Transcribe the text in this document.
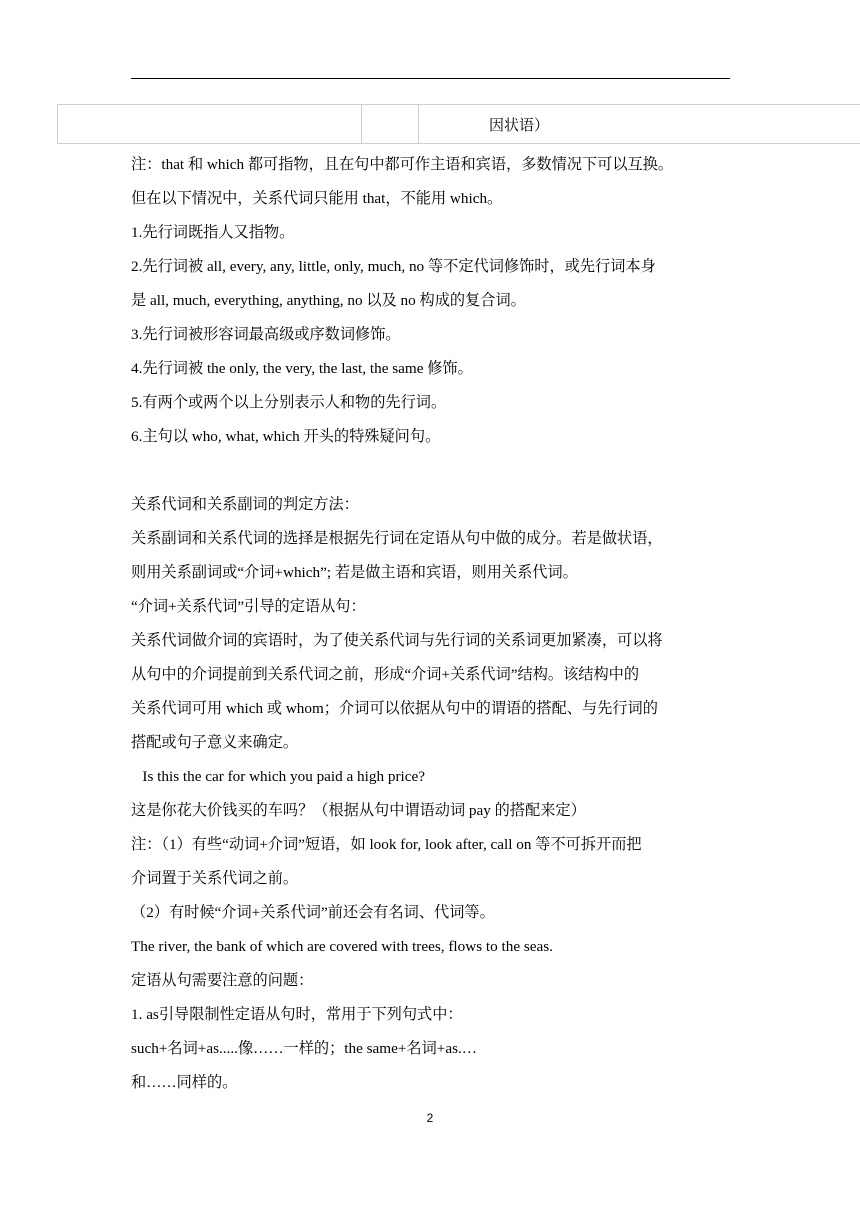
		因状语）
注：that 和 which 都可指物，且在句中都可作主语和宾语，多数情况下可以互换。
但在以下情况中，关系代词只能用 that，不能用 which。
1.先行词既指人又指物。
2.先行词被 all, every, any, little, only, much, no 等不定代词修饰时，或先行词本身
是 all, much, everything, anything, no 以及 no 构成的复合词。
3.先行词被形容词最高级或序数词修饰。
4.先行词被 the only, the very, the last, the same 修饰。
5.有两个或两个以上分别表示人和物的先行词。
6.主句以 who, what, which 开头的特殊疑问句。
关系代词和关系副词的判定方法：
关系副词和关系代词的选择是根据先行词在定语从句中做的成分。若是做状语，
则用关系副词或“介词+which”; 若是做主语和宾语，则用关系代词。
“介词+关系代词”引导的定语从句：
关系代词做介词的宾语时，为了使关系代词与先行词的关系词更加紧凑，可以将
从句中的介词提前到关系代词之前，形成“介词+关系代词”结构。该结构中的
关系代词可用 which 或 whom；介词可以依据从句中的谓语的搭配、与先行词的
搭配或句子意义来确定。
Is this the car for which you paid a high price?
这是你花大价钱买的车吗？（根据从句中谓语动词 pay 的搭配来定）
注：（1）有些“动词+介词”短语，如 look for, look after, call on 等不可拆开而把
介词置于关系代词之前。
（2）有时候“介词+关系代词”前还会有名词、代词等。
The river, the bank of which are covered with trees, flows to the seas.
定语从句需要注意的问题：
1. as引导限制性定语从句时，常用于下列句式中：
such+名词+as.....像……一样的；the same+名词+as.…
和……同样的。
2
